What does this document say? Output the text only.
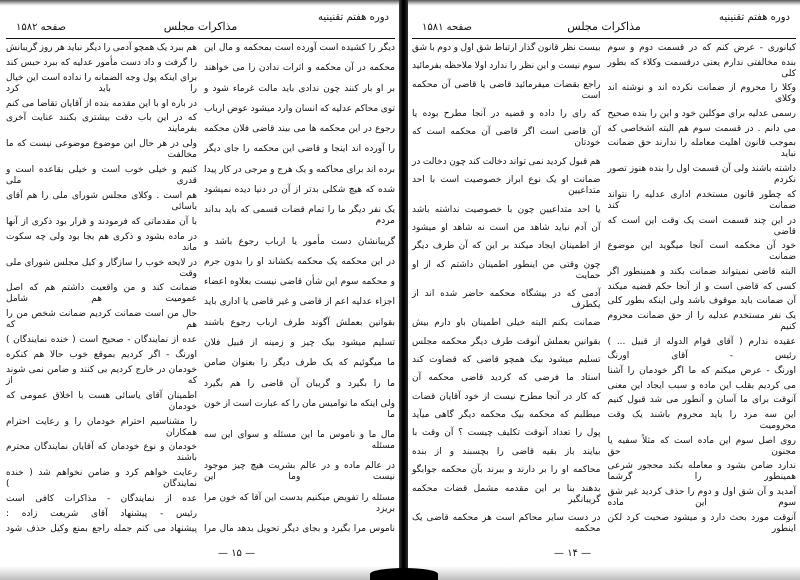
دوره هفتم تقنینیه
مذاکرات مجلس
صفحه ۱۵۸۲
دیگر را کشیده است آورده است بمحکمه و مال این
محکمه در آن محکمه و اثرات ندادن را می خواهند
بر او بار کنند چون ندادی باید مالت غرماء شود و
توی محاکم عدلیه که انسان وارد میشود عوض ارباب
رجوع در این محکمه ها می بیند قاضی فلان محکمه
را آورده اند اینجا و قاضی این محکمه را جای دیگر
برده اند برای محاکمه و یک هرج و مرجی در کار پیدا
شده که هیچ شکلی بدتر از آن در دنیا دیده نمیشود
یک نفر دیگر ما را تمام قضات قسمی که باید بداند مردم
گریبانشان دست مأمور یا ارباب رجوع باشد و
در این محکمه یک محکمه بکشاند او را بدون جرم
و محکمه سوم این شأن قاضی نیست بعلاوه اعضاء
اجزاء عدلیه اعم از قاضی و غیر قاضی یا اداری باید
بقوانین بعملش آگوند طرف ارباب رجوع باشند
تسلیم میشود بیک چیز و زمینه از قبیل فلان
ما میگوئیم که یک طرف دیگر را بعنوان ضامن
ما را بگیرد و گریبان آن قاضی را هم بگیرد
ولی اینکه ما نوامیس مان را که عبارت است از خون ما
مال ما و ناموس ما این مسئله و سوای این سه مسئله
در عالم ماده و در عالم بشریت هیچ چیز موجود نیست وما این
مسئله را تفویض میکنیم بدست این آقا که خون مرا بریزد
ناموس مرا بگیرد و بجای دیگر تحویل بدهد مال مرا
هم ببرد یک همچو آدمی را دیگر نباید هر روز گریبانش
را گرفت و داد دست مأمور عدلیه که ببرد حبس کند
برای اینکه پول وجه الضمانه را نداده است این خیال را باید کرد
در باره او با این مقدمه بنده از آقایان تقاضا می کنم
که در این باب دقت بیشتری بکنند عنایت آخری بفرمایند
ولی در هر حال این موضوع موضوعی نیست که ما مخالفت
کنیم و خیلی خوب است و خیلی بقاعده است و قدری ملی
هم است . وکلای مجلس شورای ملی را هم آقای یاسائی
با آن مقدماتی که فرمودند و قرار بود ذکری از آنها
در ماده بشود و ذکری هم بجا بود ولی چه سکوت ماند
در لایحه خوب را سازگار و کیل مجلس شورای ملی وقت
ضمانت کند و من واقعیت داشتم هم که اصل عمومیت هم شامل
حال من است ضمانت کردیم ضمانت شخص من را هم که
عده از نمایندگان - صحیح است ( خنده نمایندگان )
اورنگ - اگر کردیم بموقع خوب حالا هم کنکره
خودمان در خارج کردیم بی کنند و ضامن نمی شوند که از
اطمینان آقای یاسائی هست با اخلاق عمومی که خودمان
را مشناسیم احترام خودمان را و رعایت احترام همکاران
خودمان و نوع خودمان که آقایان نمایندگان محترم باشند
رعایت خواهم کرد و ضامن نخواهم شد ( خنده نمایندگان )
عده از نمایندگان - مذاکرات کافی است
رئیس - پیشنهاد آقای شریعت زاده :
پیشنهاد می کنم جمله راجع بمنع وکیل حذف شود
— ۱۵ —
دوره هفتم تقنینیه
مذاکرات مجلس
صفحه ۱۵۸۱
کیانوری - عرض کنم که در قسمت دوم و سوم
بنده مخالفتی ندارم یعنی درقسمت وکلاء که بطور کلی
وکلا را محروم از ضمانت نکرده اند و نوشته اند وکلای
رسمی عدلیه برای موکلین خود و این را بنده صحیح
می دانم . در قسمت سوم هم البته اشخاصی که
بموجب قانون اهلیت معامله را ندارند حق ضمانت نباید
داشته باشند ولی آن قسمت اول را بنده هنوز تصور نکردم
که چطور قانون مستخدم اداری عدلیه را نتواند ضمانت کند
در این چند قسمت است یک وقت این است که قاضی
خود آن محکمه است آنجا میگوید این موضوع ضمانت
البته قاضی نمیتواند ضمانت بکند و همینطور اگر
کسی که قاضی است و از آنجا حکم قضیه میکند
آن ضمانت باید موقوف باشد ولی اینکه بطور کلی
یک نفر مستخدم عدلیه را از حق ضمانت محروم کنیم
عقیده ندارم ( آقای قوام الدوله از قبیل ... )
رئیس - آقای اورنگ
اورنگ - عرض میکنم که ما اگر خودمان را آشنا
می کردیم بقلب این ماده و سبب ایجاد این معنی
آنوقت برای ما آسان و آنطور می شد قبول کنیم
این سه مرد را باید محروم باشند یک وقت محرومیت
روی اصل سوم این ماده است که مثلاً سفیه یا مجنون حق
ندارد ضامن بشود و معامله بکند محجور شرعی همینطور را گرشما
آمدید و آن شق اول و دوم را حذف کردید غیر شق سوم این ماده
آنوقت مورد بحث دارد و میشود صحبت کرد لکن اینطور
بیست نظر قانون گذار ارتباط شق اول و دوم با شق
سوم نیست و این نظر را ندارد اولا ملاحظه بفرمائید
راجع بقضات میفرمائید قاضی یا قاضی آن محکمه است
که رای را داده و قضیه در آنجا مطرح بوده یا
آن قاضی است اگر قاضی آن محکمه است که خودتان
هم قبول کردید نمی تواند دخالت کند چون دخالت در
ضمانت او یک نوع ابراز خصوصیت است با احد متداعیین
یا احد متداعیین چون با خصوصیت نداشته باشد
آن آدم نباید شاهد من است نه شاهد او میشود
از اطمینان ایجاد میکند بر این که آن طرف دیگر
چون وقتی من اینطور اطمینان داشتم که از او حمایت
آدمی که در بیشگاه محکمه حاضر شده اند از یکطرف
ضمانت بکنم البته خیلی اطمینان باو دارم بیش
بقوانین بعملش آنوقت طرف دیگر محکمه مجلس
تسلیم میشود بیک همچو قاضی که قضاوت کند
استاد ما فرضی که کردید قاضی محکمه آن
که کار در آنجا مطرح نیست از خود آقایان قضات
میطلبم که محکمه بیک محکمه دیگر گاهی میآید
پول را تعداد آنوقت تکلیف چیست ؟ آن وقت با
بیایند باز بقیه قاضی را بچسبند و از بنده
محاکمه او را بر دارند و ببرند بآن محکمه جوابگو
بدهند بنا بر این مقدمه مشمل قضات محکمه گریبانگیر
در دست سایر محاکم است هر محکمه قاضی یک محکمه
— ۱۴ —
